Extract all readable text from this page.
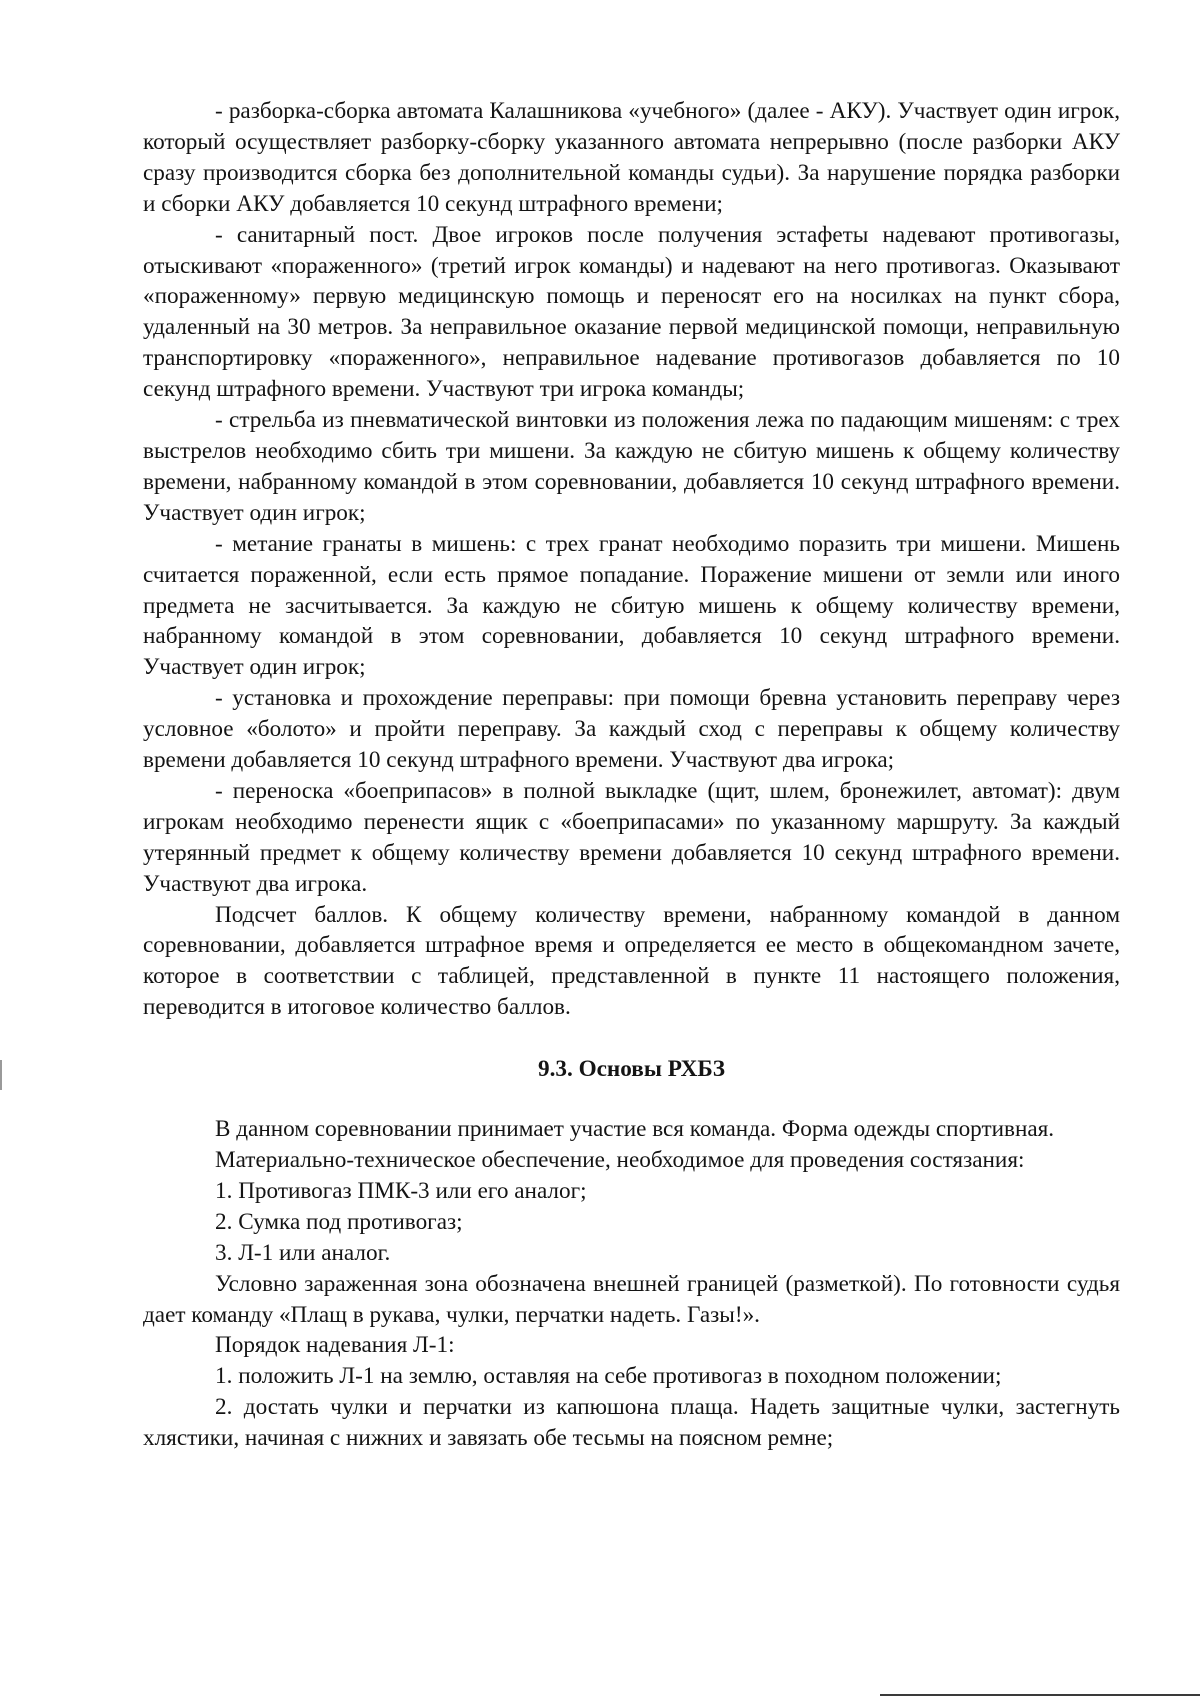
- разборка-сборка автомата Калашникова «учебного» (далее - АКУ). Участвует один игрок, который осуществляет разборку-сборку указанного автомата непрерывно (после разборки АКУ сразу производится сборка без дополнительной команды судьи). За нарушение порядка разборки и сборки АКУ добавляется 10 секунд штрафного времени;

- санитарный пост. Двое игроков после получения эстафеты надевают противогазы, отыскивают «пораженного» (третий игрок команды) и надевают на него противогаз. Оказывают «пораженному» первую медицинскую помощь и переносят его на носилках на пункт сбора, удаленный на 30 метров. За неправильное оказание первой медицинской помощи, неправильную транспортировку «пораженного», неправильное надевание противогазов добавляется по 10 секунд штрафного времени. Участвуют три игрока команды;

- стрельба из пневматической винтовки из положения лежа по падающим мишеням: с трех выстрелов необходимо сбить три мишени. За каждую не сбитую мишень к общему количеству времени, набранному командой в этом соревновании, добавляется 10 секунд штрафного времени. Участвует один игрок;

- метание гранаты в мишень: с трех гранат необходимо поразить три мишени. Мишень считается пораженной, если есть прямое попадание. Поражение мишени от земли или иного предмета не засчитывается. За каждую не сбитую мишень к общему количеству времени, набранному командой в этом соревновании, добавляется 10 секунд штрафного времени. Участвует один игрок;

- установка и прохождение переправы: при помощи бревна установить переправу через условное «болото» и пройти переправу. За каждый сход с переправы к общему количеству времени добавляется 10 секунд штрафного времени. Участвуют два игрока;

- переноска «боеприпасов» в полной выкладке (щит, шлем, бронежилет, автомат): двум игрокам необходимо перенести ящик с «боеприпасами» по указанному маршруту. За каждый утерянный предмет к общему количеству времени добавляется 10 секунд штрафного времени. Участвуют два игрока.

Подсчет баллов. К общему количеству времени, набранному командой в данном соревновании, добавляется штрафное время и определяется ее место в общекомандном зачете, которое в соответствии с таблицей, представленной в пункте 11 настоящего положения, переводится в итоговое количество баллов.

9.3. Основы РХБЗ

В данном соревновании принимает участие вся команда. Форма одежды спортивная.

Материально-техническое обеспечение, необходимое для проведения состязания:

1. Противогаз ПМК-3 или его аналог;

2. Сумка под противогаз;

3. Л-1 или аналог.

Условно зараженная зона обозначена внешней границей (разметкой). По готовности судья дает команду «Плащ в рукава, чулки, перчатки надеть. Газы!».

Порядок надевания Л-1:

1. положить Л-1 на землю, оставляя на себе противогаз в походном положении;

2. достать чулки и перчатки из капюшона плаща. Надеть защитные чулки, застегнуть хлястики, начиная с нижних и завязать обе тесьмы на поясном ремне;
